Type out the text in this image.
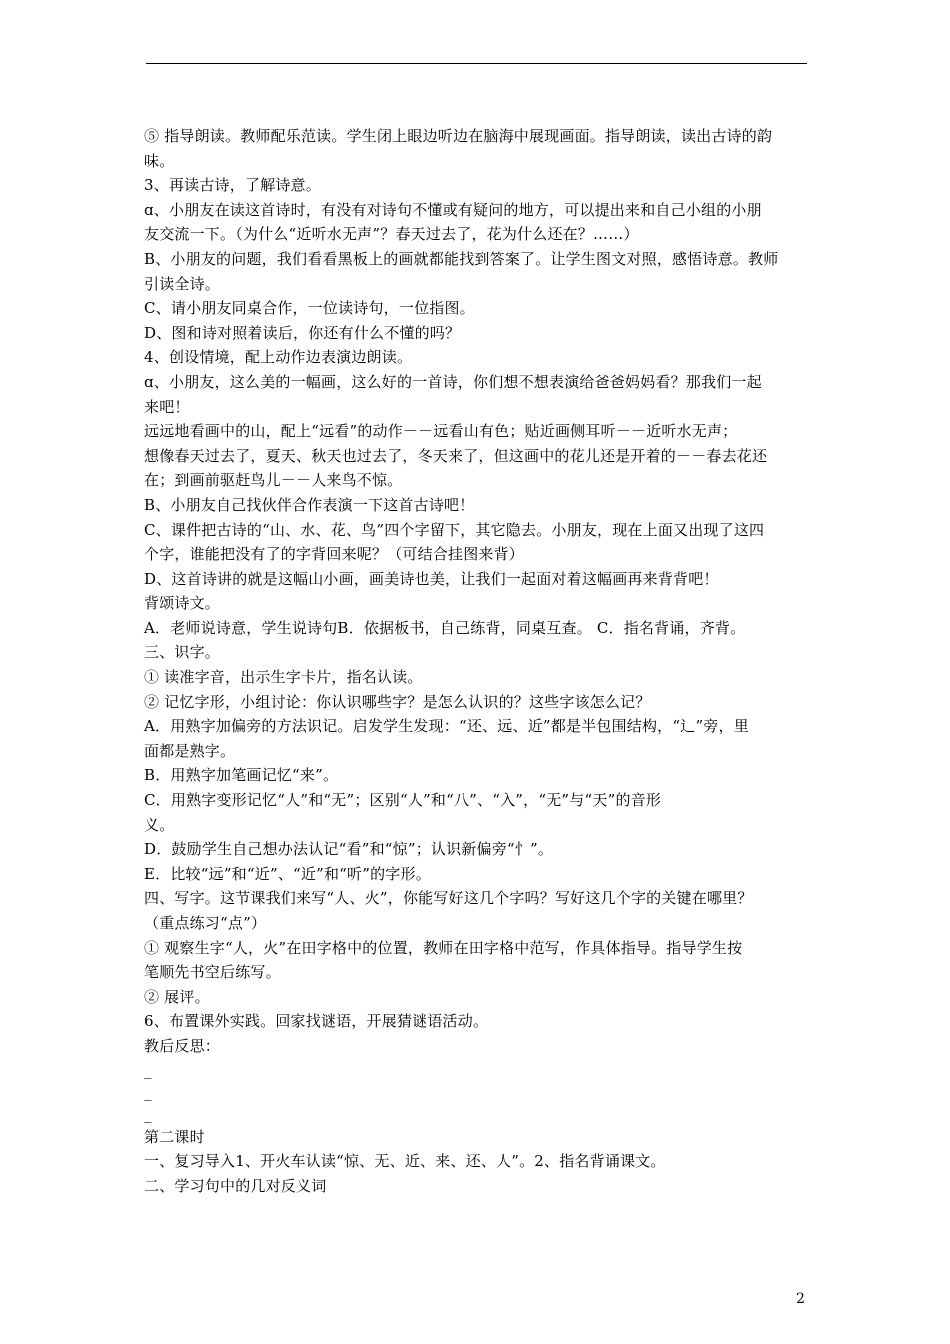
⑤ 指导朗读。教师配乐范读。学生闭上眼边听边在脑海中展现画面。指导朗读，读出古诗的韵
味。
3、再读古诗，了解诗意。
ɑ、小朋友在读这首诗时，有没有对诗句不懂或有疑问的地方，可以提出来和自己小组的小朋
友交流一下。（为什么“近听水无声”？春天过去了，花为什么还在？……）
B、小朋友的问题，我们看看黑板上的画就都能找到答案了。让学生图文对照，感悟诗意。教师
引读全诗。
C、请小朋友同桌合作，一位读诗句，一位指图。
D、图和诗对照着读后，你还有什么不懂的吗？
4、创设情境，配上动作边表演边朗读。
ɑ、小朋友，这么美的一幅画，这么好的一首诗，你们想不想表演给爸爸妈妈看？那我们一起
来吧！
远远地看画中的山，配上“远看”的动作－－远看山有色；贴近画侧耳听－－近听水无声；
想像春天过去了，夏天、秋天也过去了，冬天来了，但这画中的花儿还是开着的－－春去花还
在；到画前驱赶鸟儿－－人来鸟不惊。
B、小朋友自己找伙伴合作表演一下这首古诗吧！
C、课件把古诗的“山、水、花、鸟”四个字留下，其它隐去。小朋友，现在上面又出现了这四
个字，谁能把没有了的字背回来呢？（可结合挂图来背）
D、这首诗讲的就是这幅山小画，画美诗也美，让我们一起面对着这幅画再来背背吧！
背颂诗文。
A．老师说诗意，学生说诗句B．依据板书，自己练背，同桌互查。 C．指名背诵，齐背。
三、识字。
① 读准字音，出示生字卡片，指名认读。
② 记忆字形，小组讨论：你认识哪些字？是怎么认识的？这些字该怎么记？
A．用熟字加偏旁的方法识记。启发学生发现：“还、远、近”都是半包围结构，“辶”旁，里
面都是熟字。
B．用熟字加笔画记忆“来”。
C．用熟字变形记忆“人”和“无”；区别“人”和“八”、“入”，“无”与“天”的音形
义。
D．鼓励学生自己想办法认记“看”和“惊”；认识新偏旁“忄”。
E．比较“远”和“近”、“近”和“听”的字形。
四、写字。这节课我们来写“人、火”，你能写好这几个字吗？写好这几个字的关键在哪里？
（重点练习“点”）
① 观察生字“人，火”在田字格中的位置，教师在田字格中范写，作具体指导。指导学生按
笔顺先书空后练写。
② 展评。
6、布置课外实践。回家找谜语，开展猜谜语活动。
教后反思：
_
_
_
第二课时
一、复习导入1、开火车认读“惊、无、近、来、还、人”。2、指名背诵课文。
二、学习句中的几对反义词
2
